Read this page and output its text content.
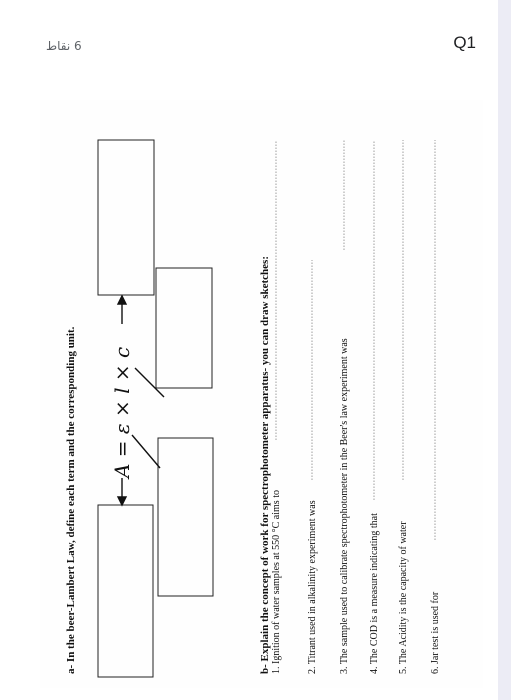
Q1
6 نقاط
a- In the beer-Lambert Law, define each term and the corresponding unit. A = ε × l × c	b- Explain the concept of work for spectrophotometer apparatus- you can draw sketches: 1. Ignition of water samples at 550 °C aims to	2. Titrant used in alkalinity experiment was 3. The sample used to calibrate spectrophotometer in the Beer's law experiment was 4. The COD is a measure indicating that 5. The Acidity is the capacity of water 6. Jar test is used for
